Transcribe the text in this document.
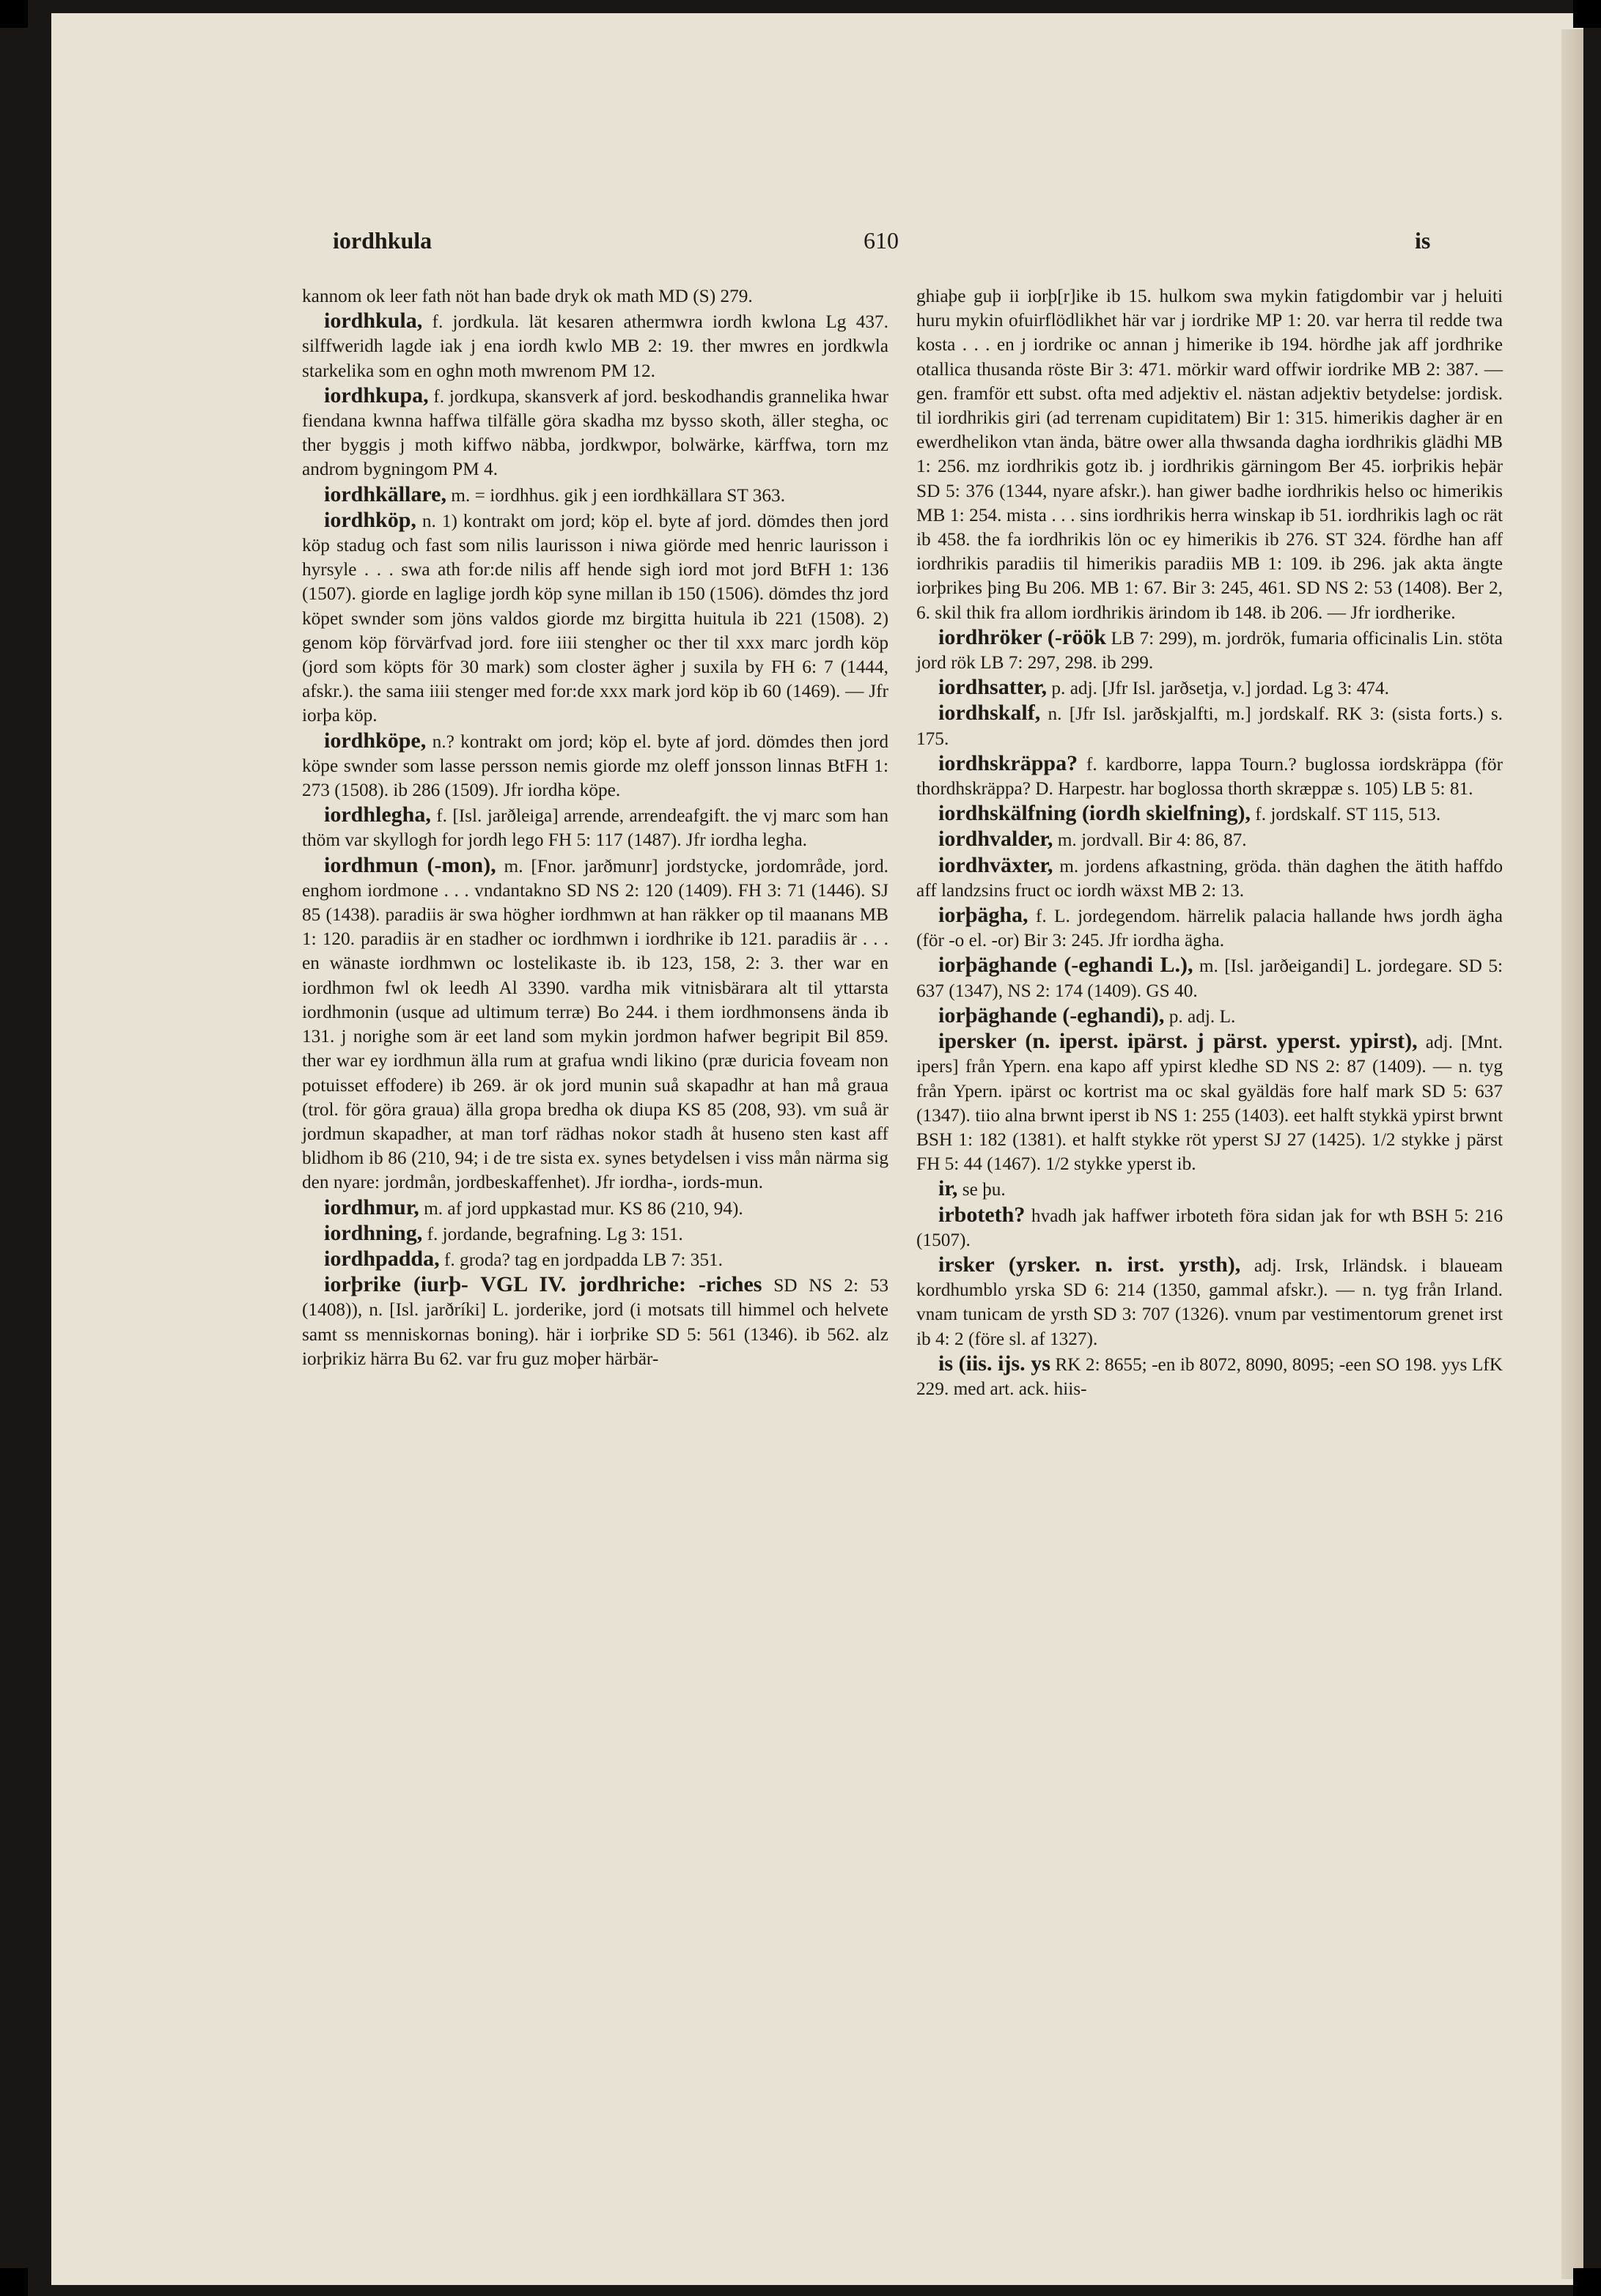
iordhkula	610	is

kannom ok leer fath nöt han bade dryk ok math MD (S) 279.

iordhkula, f. jordkula. lät kesaren athermwra iordh kwlona Lg 437. silffweridh lagde iak j ena iordh kwlo MB 2: 19. ther mwres en jordkwla starkelika som en oghn moth mwrenom PM 12.

iordhkupa, f. jordkupa, skansverk af jord. beskodhandis grannelika hwar fiendana kwnna haffwa tilfälle göra skadha mz bysso skoth, äller stegha, oc ther byggis j moth kiffwo näbba, jordkwpor, bolwärke, kärffwa, torn mz androm bygningom PM 4.

iordhkällare, m. = iordhhus. gik j een iordhkällara ST 363.

iordhköp, n. 1) kontrakt om jord; köp el. byte af jord. dömdes then jord köp stadug och fast som nilis laurisson i niwa giörde med henric laurisson i hyrsyle . . . swa ath for:de nilis aff hende sigh iord mot jord BtFH 1: 136 (1507). giorde en laglige jordh köp syne millan ib 150 (1506). dömdes thz jord köpet swnder som jöns valdos giorde mz birgitta huitula ib 221 (1508). 2) genom köp förvärfvad jord. fore iiii stengher oc ther til xxx marc jordh köp (jord som köpts för 30 mark) som closter ägher j suxila by FH 6: 7 (1444, afskr.). the sama iiii stenger med for:de xxx mark jord köp ib 60 (1469). — Jfr iorþa köp.

iordhköpe, n.? kontrakt om jord; köp el. byte af jord. dömdes then jord köpe swnder som lasse persson nemis giorde mz oleff jonsson linnas BtFH 1: 273 (1508). ib 286 (1509). Jfr iordha köpe.

iordhlegha, f. [Isl. jarðleiga] arrende, arrendeafgift. the vj marc som han thöm var skyllogh for jordh lego FH 5: 117 (1487). Jfr iordha legha.

iordhmun (-mon), m. [Fnor. jarðmunr] jordstycke, jordområde, jord. enghom iordmone . . . vndantakno SD NS 2: 120 (1409). FH 3: 71 (1446). SJ 85 (1438). paradiis är swa högher iordhmwn at han räkker op til maanans MB 1: 120. paradiis är en stadher oc iordhmwn i iordhrike ib 121. paradiis är . . . en wänaste iordhmwn oc lostelikaste ib. ib 123, 158, 2: 3. ther war en iordhmon fwl ok leedh Al 3390. vardha mik vitnisbärara alt til yttarsta iordhmonin (usque ad ultimum terræ) Bo 244. i them iordhmonsens ända ib 131. j norighe som är eet land som mykin jordmon hafwer begripit Bil 859. ther war ey iordhmun älla rum at grafua wndi likino (præ duricia foveam non potuisset effodere) ib 269. är ok jord munin suå skapadhr at han må graua (trol. för göra graua) älla gropa bredha ok diupa KS 85 (208, 93). vm suå är jordmun skapadher, at man torf rädhas nokor stadh åt huseno sten kast aff blidhom ib 86 (210, 94; i de tre sista ex. synes betydelsen i viss mån närma sig den nyare: jordmån, jordbeskaffenhet). Jfr iordha-, iords-mun.

iordhmur, m. af jord uppkastad mur. KS 86 (210, 94).

iordhning, f. jordande, begrafning. Lg 3: 151.

iordhpadda, f. groda? tag en jordpadda LB 7: 351.

iorþrike (iurþ- VGL IV. jordhriche: -riches SD NS 2: 53 (1408)), n. [Isl. jarðríki] L. jorderike, jord (i motsats till himmel och helvete samt ss menniskornas boning). här i iorþrike SD 5: 561 (1346). ib 562. alz iorþrikiz härra Bu 62. var fru guz moþer härbär-

ghiaþe guþ ii iorþ[r]ike ib 15. hulkom swa mykin fatigdombir var j heluiti huru mykin ofuirflödlikhet här var j iordrike MP 1: 20. var herra til redde twa kosta . . . en j iordrike oc annan j himerike ib 194. hördhe jak aff jordhrike otallica thusanda röste Bir 3: 471. mörkir ward offwir iordrike MB 2: 387. — gen. framför ett subst. ofta med adjektiv el. nästan adjektiv betydelse: jordisk. til iordhrikis giri (ad terrenam cupiditatem) Bir 1: 315. himerikis dagher är en ewerdhelikon vtan ända, bätre ower alla thwsanda dagha iordhrikis glädhi MB 1: 256. mz iordhrikis gotz ib. j iordhrikis gärningom Ber 45. iorþrikis heþär SD 5: 376 (1344, nyare afskr.). han giwer badhe iordhrikis helso oc himerikis MB 1: 254. mista . . . sins iordhrikis herra winskap ib 51. iordhrikis lagh oc rät ib 458. the fa iordhrikis lön oc ey himerikis ib 276. ST 324. fördhe han aff iordhrikis paradiis til himerikis paradiis MB 1: 109. ib 296. jak akta ängte iorþrikes þing Bu 206. MB 1: 67. Bir 3: 245, 461. SD NS 2: 53 (1408). Ber 2, 6. skil thik fra allom iordhrikis ärindom ib 148. ib 206. — Jfr iordherike.

iordhröker (-röök LB 7: 299), m. jordrök, fumaria officinalis Lin. stöta jord rök LB 7: 297, 298. ib 299.

iordhsatter, p. adj. [Jfr Isl. jarðsetja, v.] jordad. Lg 3: 474.

iordhskalf, n. [Jfr Isl. jarðskjalfti, m.] jordskalf. RK 3: (sista forts.) s. 175.

iordhskräppa? f. kardborre, lappa Tourn.? buglossa iordskräppa (för thordhskräppa? D. Harpestr. har boglossa thorth skræppæ s. 105) LB 5: 81.

iordhskälfning (iordh skielfning), f. jordskalf. ST 115, 513.

iordhvalder, m. jordvall. Bir 4: 86, 87.

iordhväxter, m. jordens afkastning, gröda. thän daghen the ätith haffdo aff landzsins fruct oc iordh wäxst MB 2: 13.

iorþägha, f. L. jordegendom. härrelik palacia hallande hws jordh ägha (för -o el. -or) Bir 3: 245. Jfr iordha ägha.

iorþäghande (-eghandi L.), m. [Isl. jarðeigandi] L. jordegare. SD 5: 637 (1347), NS 2: 174 (1409). GS 40.

iorþäghande (-eghandi), p. adj. L.

ipersker (n. iperst. ipärst. j pärst. yperst. ypirst), adj. [Mnt. ipers] från Ypern. ena kapo aff ypirst kledhe SD NS 2: 87 (1409). — n. tyg från Ypern. ipärst oc kortrist ma oc skal gyäldäs fore half mark SD 5: 637 (1347). tiio alna brwnt iperst ib NS 1: 255 (1403). eet halft stykkä ypirst brwnt BSH 1: 182 (1381). et halft stykke röt yperst SJ 27 (1425). 1/2 stykke j pärst FH 5: 44 (1467). 1/2 stykke yperst ib.

ir, se þu.

irboteth? hvadh jak haffwer irboteth föra sidan jak for wth BSH 5: 216 (1507).

irsker (yrsker. n. irst. yrsth), adj. Irsk, Irländsk. i blaueam kordhumblo yrska SD 6: 214 (1350, gammal afskr.). — n. tyg från Irland. vnam tunicam de yrsth SD 3: 707 (1326). vnum par vestimentorum grenet irst ib 4: 2 (före sl. af 1327).

is (iis. ijs. ys RK 2: 8655; -en ib 8072, 8090, 8095; -een SO 198. yys LfK 229. med art. ack. hiis-
